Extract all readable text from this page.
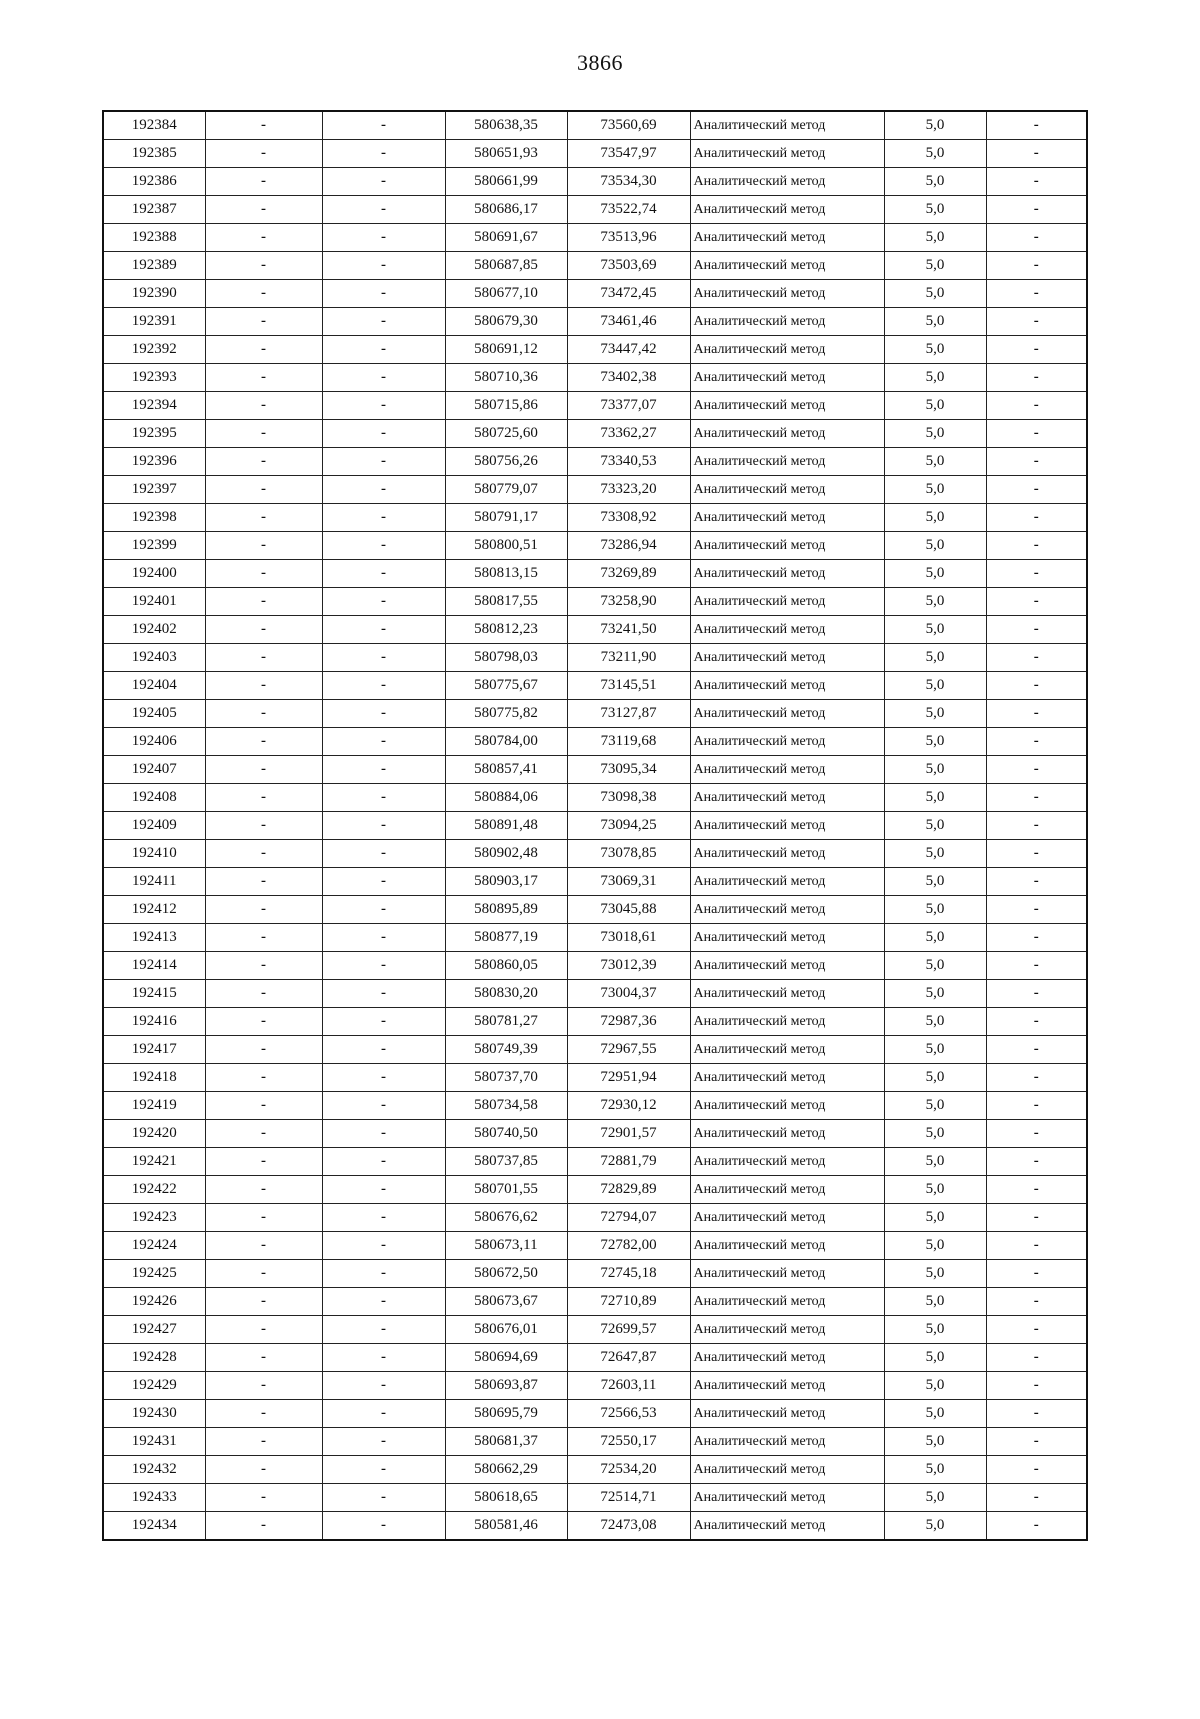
3866
192384	-	-	580638,35	73560,69	Аналитический метод	5,0	-
192385	-	-	580651,93	73547,97	Аналитический метод	5,0	-
192386	-	-	580661,99	73534,30	Аналитический метод	5,0	-
192387	-	-	580686,17	73522,74	Аналитический метод	5,0	-
192388	-	-	580691,67	73513,96	Аналитический метод	5,0	-
192389	-	-	580687,85	73503,69	Аналитический метод	5,0	-
192390	-	-	580677,10	73472,45	Аналитический метод	5,0	-
192391	-	-	580679,30	73461,46	Аналитический метод	5,0	-
192392	-	-	580691,12	73447,42	Аналитический метод	5,0	-
192393	-	-	580710,36	73402,38	Аналитический метод	5,0	-
192394	-	-	580715,86	73377,07	Аналитический метод	5,0	-
192395	-	-	580725,60	73362,27	Аналитический метод	5,0	-
192396	-	-	580756,26	73340,53	Аналитический метод	5,0	-
192397	-	-	580779,07	73323,20	Аналитический метод	5,0	-
192398	-	-	580791,17	73308,92	Аналитический метод	5,0	-
192399	-	-	580800,51	73286,94	Аналитический метод	5,0	-
192400	-	-	580813,15	73269,89	Аналитический метод	5,0	-
192401	-	-	580817,55	73258,90	Аналитический метод	5,0	-
192402	-	-	580812,23	73241,50	Аналитический метод	5,0	-
192403	-	-	580798,03	73211,90	Аналитический метод	5,0	-
192404	-	-	580775,67	73145,51	Аналитический метод	5,0	-
192405	-	-	580775,82	73127,87	Аналитический метод	5,0	-
192406	-	-	580784,00	73119,68	Аналитический метод	5,0	-
192407	-	-	580857,41	73095,34	Аналитический метод	5,0	-
192408	-	-	580884,06	73098,38	Аналитический метод	5,0	-
192409	-	-	580891,48	73094,25	Аналитический метод	5,0	-
192410	-	-	580902,48	73078,85	Аналитический метод	5,0	-
192411	-	-	580903,17	73069,31	Аналитический метод	5,0	-
192412	-	-	580895,89	73045,88	Аналитический метод	5,0	-
192413	-	-	580877,19	73018,61	Аналитический метод	5,0	-
192414	-	-	580860,05	73012,39	Аналитический метод	5,0	-
192415	-	-	580830,20	73004,37	Аналитический метод	5,0	-
192416	-	-	580781,27	72987,36	Аналитический метод	5,0	-
192417	-	-	580749,39	72967,55	Аналитический метод	5,0	-
192418	-	-	580737,70	72951,94	Аналитический метод	5,0	-
192419	-	-	580734,58	72930,12	Аналитический метод	5,0	-
192420	-	-	580740,50	72901,57	Аналитический метод	5,0	-
192421	-	-	580737,85	72881,79	Аналитический метод	5,0	-
192422	-	-	580701,55	72829,89	Аналитический метод	5,0	-
192423	-	-	580676,62	72794,07	Аналитический метод	5,0	-
192424	-	-	580673,11	72782,00	Аналитический метод	5,0	-
192425	-	-	580672,50	72745,18	Аналитический метод	5,0	-
192426	-	-	580673,67	72710,89	Аналитический метод	5,0	-
192427	-	-	580676,01	72699,57	Аналитический метод	5,0	-
192428	-	-	580694,69	72647,87	Аналитический метод	5,0	-
192429	-	-	580693,87	72603,11	Аналитический метод	5,0	-
192430	-	-	580695,79	72566,53	Аналитический метод	5,0	-
192431	-	-	580681,37	72550,17	Аналитический метод	5,0	-
192432	-	-	580662,29	72534,20	Аналитический метод	5,0	-
192433	-	-	580618,65	72514,71	Аналитический метод	5,0	-
192434	-	-	580581,46	72473,08	Аналитический метод	5,0	-
